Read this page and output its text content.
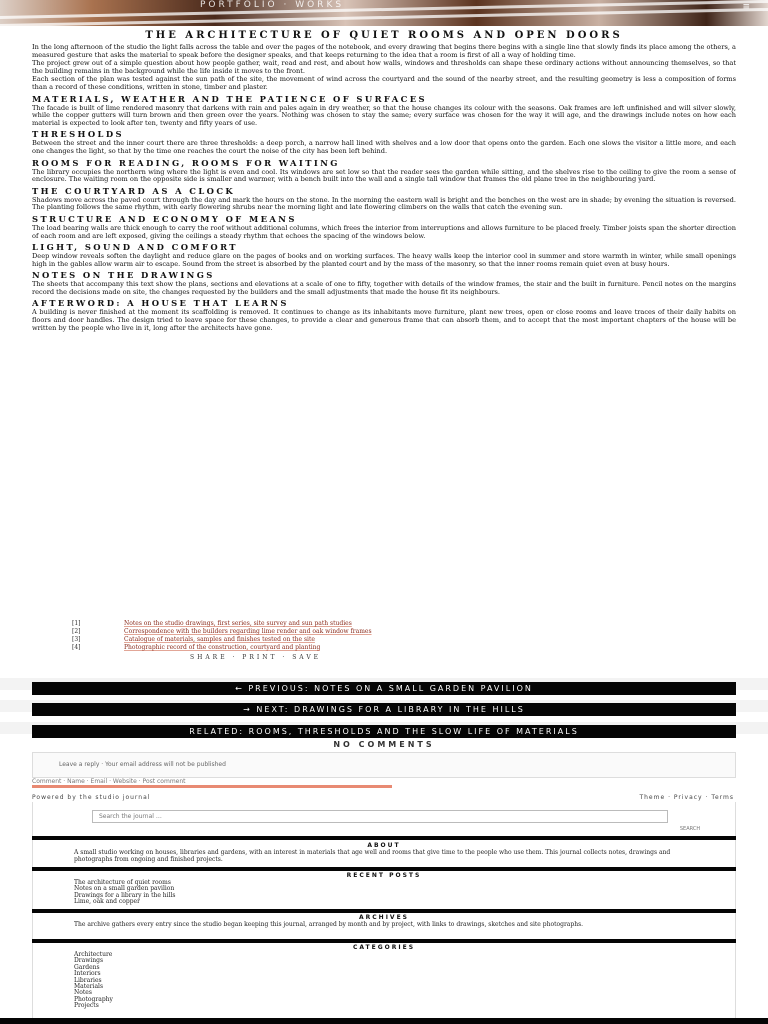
PORTFOLIO · WORKS	≡
THE ARCHITECTURE OF QUIET ROOMS AND OPEN DOORS

In the long afternoon of the studio the light falls across the table and over the pages of the notebook, and every drawing that begins there begins with a single line that slowly finds its place among the others, a measured gesture that asks the material to speak before the designer speaks, and that keeps returning to the idea that a room is first of all a way of holding time.

The project grew out of a simple question about how people gather, wait, read and rest, and about how walls, windows and thresholds can shape these ordinary actions without announcing themselves, so that the building remains in the background while the life inside it moves to the front.

Each section of the plan was tested against the sun path of the site, the movement of wind across the courtyard and the sound of the nearby street, and the resulting geometry is less a composition of forms than a record of these conditions, written in stone, timber and plaster.

MATERIALS, WEATHER AND THE PATIENCE OF SURFACES

The facade is built of lime rendered masonry that darkens with rain and pales again in dry weather, so that the house changes its colour with the seasons. Oak frames are left unfinished and will silver slowly, while the copper gutters will turn brown and then green over the years. Nothing was chosen to stay the same; every surface was chosen for the way it will age, and the drawings include notes on how each material is expected to look after ten, twenty and fifty years of use.

THRESHOLDS

Between the street and the inner court there are three thresholds: a deep porch, a narrow hall lined with shelves and a low door that opens onto the garden. Each one slows the visitor a little more, and each one changes the light, so that by the time one reaches the court the noise of the city has been left behind.

ROOMS FOR READING, ROOMS FOR WAITING

The library occupies the northern wing where the light is even and cool. Its windows are set low so that the reader sees the garden while sitting, and the shelves rise to the ceiling to give the room a sense of enclosure. The waiting room on the opposite side is smaller and warmer, with a bench built into the wall and a single tall window that frames the old plane tree in the neighbouring yard.

THE COURTYARD AS A CLOCK

Shadows move across the paved court through the day and mark the hours on the stone. In the morning the eastern wall is bright and the benches on the west are in shade; by evening the situation is reversed. The planting follows the same rhythm, with early flowering shrubs near the morning light and late flowering climbers on the walls that catch the evening sun.

STRUCTURE AND ECONOMY OF MEANS

The load bearing walls are thick enough to carry the roof without additional columns, which frees the interior from interruptions and allows furniture to be placed freely. Timber joists span the shorter direction of each room and are left exposed, giving the ceilings a steady rhythm that echoes the spacing of the windows below.

LIGHT, SOUND AND COMFORT

Deep window reveals soften the daylight and reduce glare on the pages of books and on working surfaces. The heavy walls keep the interior cool in summer and store warmth in winter, while small openings high in the gables allow warm air to escape. Sound from the street is absorbed by the planted court and by the mass of the masonry, so that the inner rooms remain quiet even at busy hours.

NOTES ON THE DRAWINGS

The sheets that accompany this text show the plans, sections and elevations at a scale of one to fifty, together with details of the window frames, the stair and the built in furniture. Pencil notes on the margins record the decisions made on site, the changes requested by the builders and the small adjustments that made the house fit its neighbours.

AFTERWORD: A HOUSE THAT LEARNS

A building is never finished at the moment its scaffolding is removed. It continues to change as its inhabitants move furniture, plant new trees, open or close rooms and leave traces of their daily habits on floors and door handles. The design tried to leave space for these changes, to provide a clear and generous frame that can absorb them, and to accept that the most important chapters of the house will be written by the people who live in it, long after the architects have gone.

[1]	Notes on the studio drawings, first series, site survey and sun path studies
[2]	Correspondence with the builders regarding lime render and oak window frames
[3]	Catalogue of materials, samples and finishes tested on the site
[4]	Photographic record of the construction, courtyard and planting
SHARE · PRINT · SAVE
← PREVIOUS: NOTES ON A SMALL GARDEN PAVILION
→ NEXT: DRAWINGS FOR A LIBRARY IN THE HILLS
RELATED: ROOMS, THRESHOLDS AND THE SLOW LIFE OF MATERIALS
NO COMMENTS
Leave a reply · Your email address will not be published
Comment · Name · Email · Website · Post comment
Powered by the studio journal	Theme · Privacy · Terms
Search the journal …
SEARCH
ABOUT
A small studio working on houses, libraries and gardens, with an interest in materials that age well and rooms that give time to the people who use them. This journal collects notes, drawings and photographs from ongoing and finished projects.
RECENT POSTS
The architecture of quiet rooms
Notes on a small garden pavilion
Drawings for a library in the hills
Lime, oak and copper
ARCHIVES
The archive gathers every entry since the studio began keeping this journal, arranged by month and by project, with links to drawings, sketches and site photographs.
CATEGORIES
Architecture
Drawings
Gardens
Interiors
Libraries
Materials
Notes
Photography
Projects
